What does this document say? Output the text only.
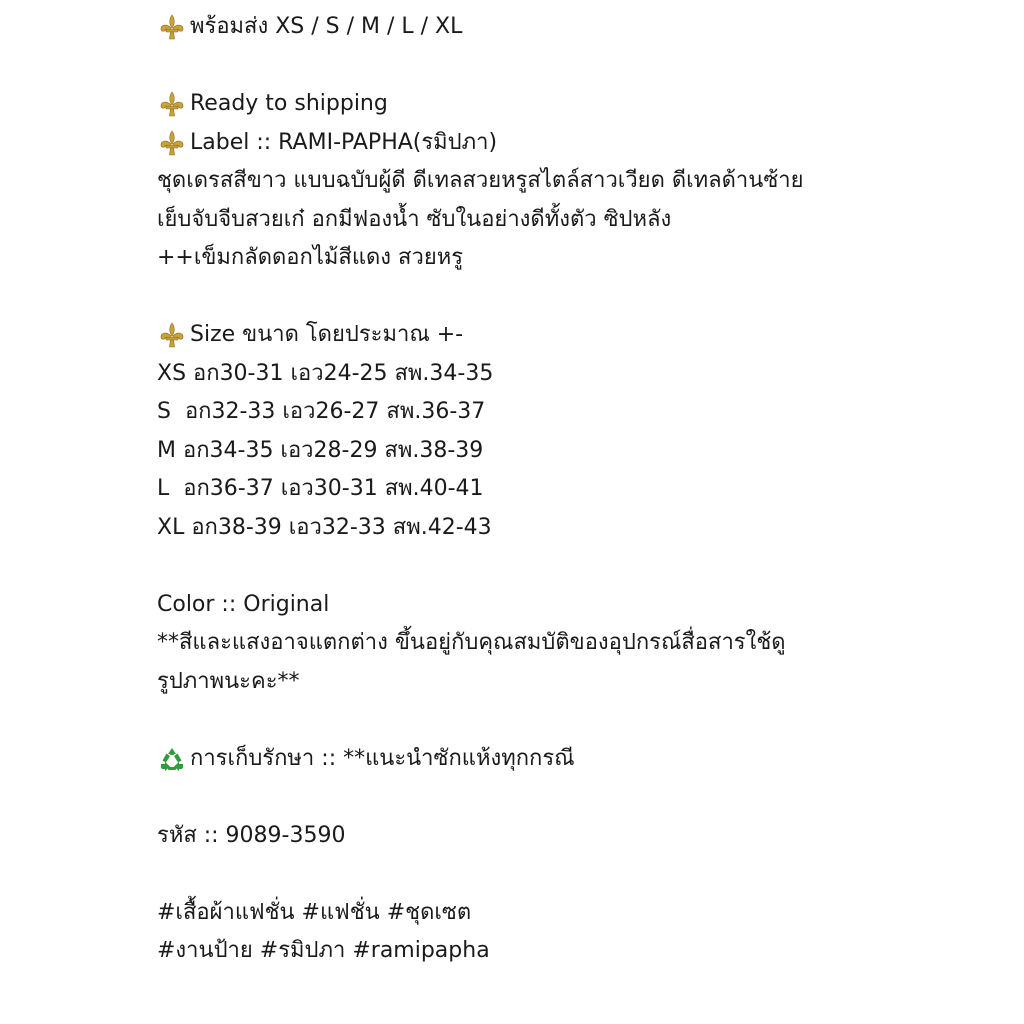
พร้อมส่ง XS / S / M / L / XL
Ready to shipping
Label :: RAMI-PAPHA(รมิปภา)
ชุดเดรสสีขาว แบบฉบับผู้ดี ดีเทลสวยหรูสไตล์สาวเวียด ดีเทลด้านซ้าย
เย็บจับจีบสวยเก๋ อกมีฟองน้ำ ซับในอย่างดีทั้งตัว ซิปหลัง
++เข็มกลัดดอกไม้สีแดง สวยหรู
Size ขนาด โดยประมาณ +-
XS อก30-31 เอว24-25 สพ.34-35
S  อก32-33 เอว26-27 สพ.36-37
M อก34-35 เอว28-29 สพ.38-39
L  อก36-37 เอว30-31 สพ.40-41
XL อก38-39 เอว32-33 สพ.42-43
Color :: Original
**สีและแสงอาจแตกต่าง ขึ้นอยู่กับคุณสมบัติของอุปกรณ์สื่อสารใช้ดู
รูปภาพนะคะ**
การเก็บรักษา :: **แนะนำซักแห้งทุกกรณี
รหัส :: 9089-3590
#เสื้อผ้าแฟชั่น #แฟชั่น #ชุดเซต
#งานป้าย #รมิปภา #ramipapha
